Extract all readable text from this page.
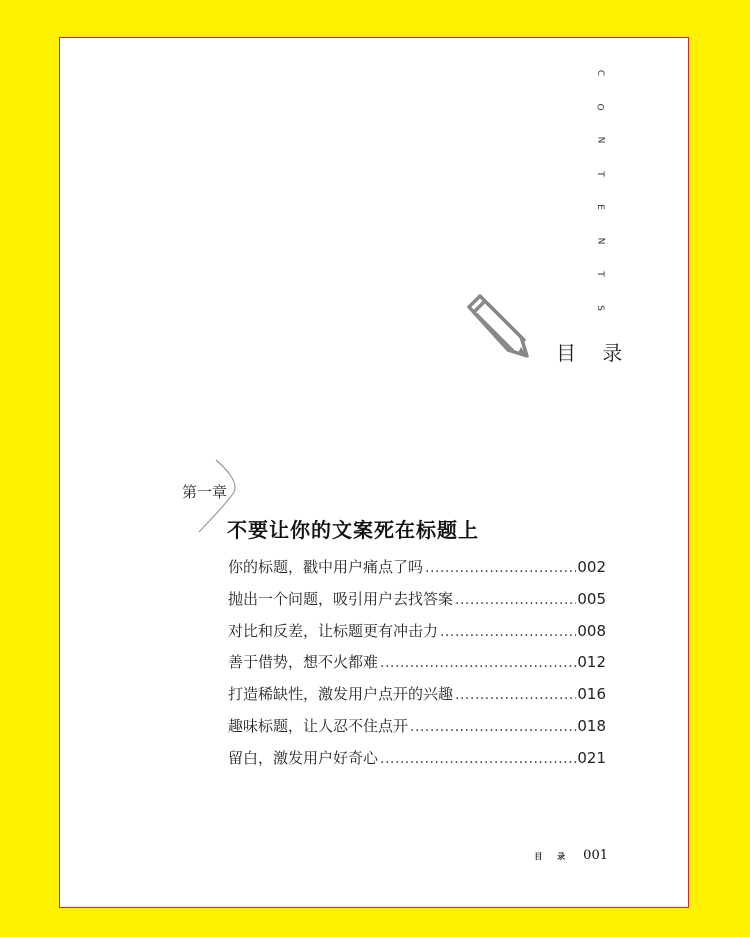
C
O
N
T
E
N
T
S
目 录
第一章
不要让你的文案死在标题上
你的标题，戳中用户痛点了吗 .....	002
抛出一个问题，吸引用户去找答案 .....	005
对比和反差，让标题更有冲击力 .....	008
善于借势，想不火都难 .....	012
打造稀缺性，激发用户点开的兴趣 .....	016
趣味标题，让人忍不住点开 .....	018
留白，激发用户好奇心 .....	021
目 录 001
